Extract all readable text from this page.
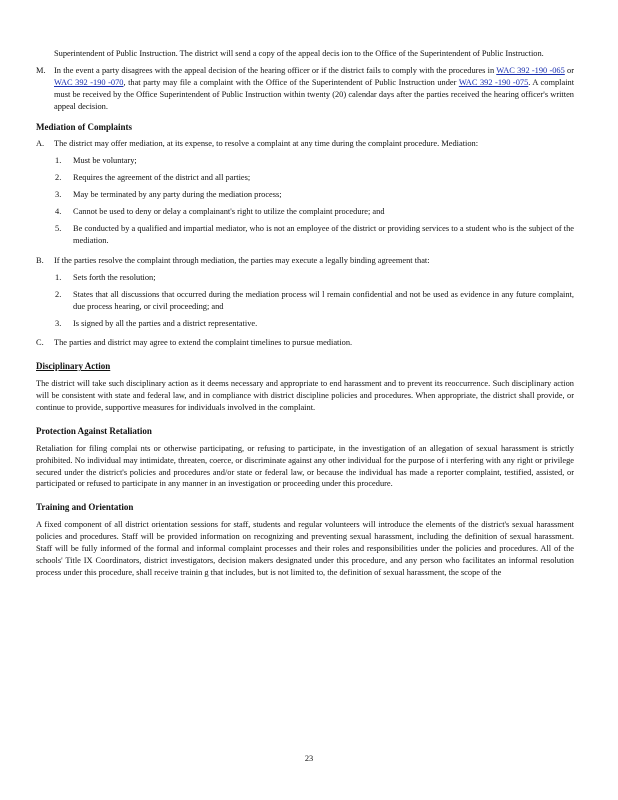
Superintendent of Public Instruction. The district will send a copy of the appeal decis ion to the Office of the Superintendent of Public Instruction.

M. In the event a party disagrees with the appeal decision of the hearing officer or if the district fails to comply with the procedures in WAC 392 -190 -065 or WAC 392 -190 -070, that party may file a complaint with the Office of the Superintendent of Public Instruction under WAC 392 -190 -075. A complaint must be received by the Office Superintendent of Public Instruction within twenty (20) calendar days after the parties received the hearing officer's written appeal decision.

Mediation of Complaints

A. The district may offer mediation, at its expense, to resolve a complaint at any time during the complaint procedure. Mediation:
1. Must be voluntary;
2. Requires the agreement of the district and all parties;
3. May be terminated by any party during the mediation process;
4. Cannot be used to deny or delay a complainant's right to utilize the complaint procedure; and
5. Be conducted by a qualified and impartial mediator, who is not an employee of the district or providing services to a student who is the subject of the mediation.
B. If the parties resolve the complaint through mediation, the parties may execute a legally binding agreement that:
1. Sets forth the resolution;
2. States that all discussions that occurred during the mediation process wil l remain confidential and not be used as evidence in any future complaint, due process hearing, or civil proceeding; and
3. Is signed by all the parties and a district representative.
C. The parties and district may agree to extend the complaint timelines to pursue mediation.

Disciplinary Action

The district will take such disciplinary action as it deems necessary and appropriate to end harassment and to prevent its reoccurrence. Such disciplinary action will be consistent with state and federal law, and in compliance with district discipline policies and procedures. When appropriate, the district shall provide, or continue to provide, supportive measures for individuals involved in the complaint.

Protection Against Retaliation

Retaliation for filing complai nts or otherwise participating, or refusing to participate, in the investigation of an allegation of sexual harassment is strictly prohibited. No individual may intimidate, threaten, coerce, or discriminate against any other individual for the purpose of i nterfering with any right or privilege secured under the district's policies and procedures and/or state or federal law, or because the individual has made a reporter complaint, testified, assisted, or participated or refused to participate in any manner in an investigation or proceeding under this procedure.

Training and Orientation

A fixed component of all district orientation sessions for staff, students and regular volunteers will introduce the elements of the district's sexual harassment policies and procedures. Staff will be provided information on recognizing and preventing sexual harassment, including the definition of sexual harassment. Staff will be fully informed of the formal and informal complaint processes and their roles and responsibilities under the policies and procedures. All of the schools' Title IX Coordinators, district investigators, decision makers designated under this procedure, and any person who facilitates an informal resolution process under this procedure, shall receive trainin g that includes, but is not limited to, the definition of sexual harassment, the scope of the

23
